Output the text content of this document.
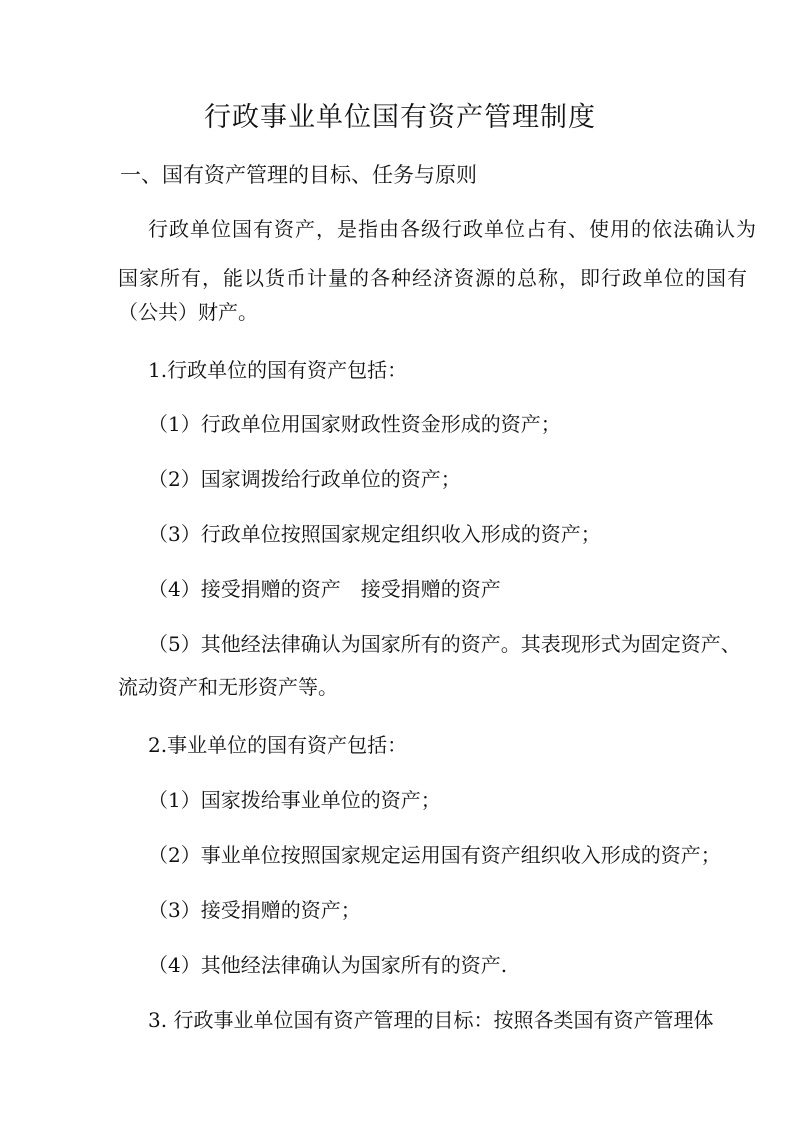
行政事业单位国有资产管理制度
一、国有资产管理的目标、任务与原则
行政单位国有资产，是指由各级行政单位占有、使用的依法确认为
国家所有，能以货币计量的各种经济资源的总称，即行政单位的国有
（公共）财产。
1.行政单位的国有资产包括：
（1）行政单位用国家财政性资金形成的资产；
（2）国家调拨给行政单位的资产；
（3）行政单位按照国家规定组织收入形成的资产；
（4）接受捐赠的资产　接受捐赠的资产
（5）其他经法律确认为国家所有的资产。其表现形式为固定资产、
流动资产和无形资产等。
2.事业单位的国有资产包括：
（1）国家拨给事业单位的资产；
（2）事业单位按照国家规定运用国有资产组织收入形成的资产；
（3）接受捐赠的资产；
（4）其他经法律确认为国家所有的资产.
3. 行政事业单位国有资产管理的目标：按照各类国有资产管理体
